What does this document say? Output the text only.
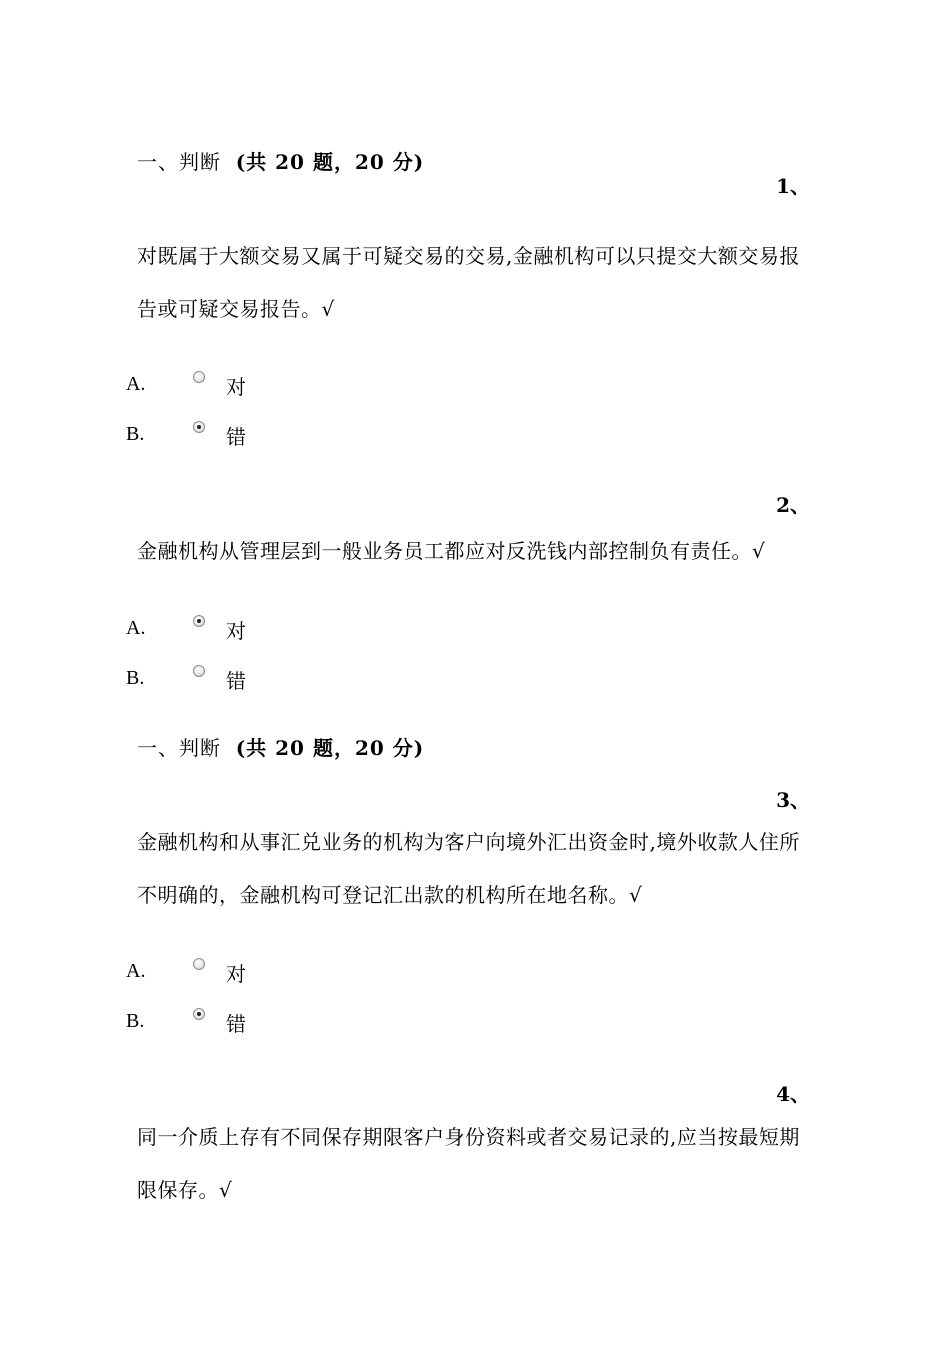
一、判断 (共 20 题，20 分)
1、
对既属于大额交易又属于可疑交易的交易,金融机构可以只提交大额交易报告或可疑交易报告。√
A.	对
B.	错
2、
金融机构从管理层到一般业务员工都应对反洗钱内部控制负有责任。√
A.	对
B.	错
一、判断 (共 20 题，20 分)
3、
金融机构和从事汇兑业务的机构为客户向境外汇出资金时,境外收款人住所不明确的，金融机构可登记汇出款的机构所在地名称。√
A.	对
B.	错
4、
同一介质上存有不同保存期限客户身份资料或者交易记录的,应当按最短期限保存。√
